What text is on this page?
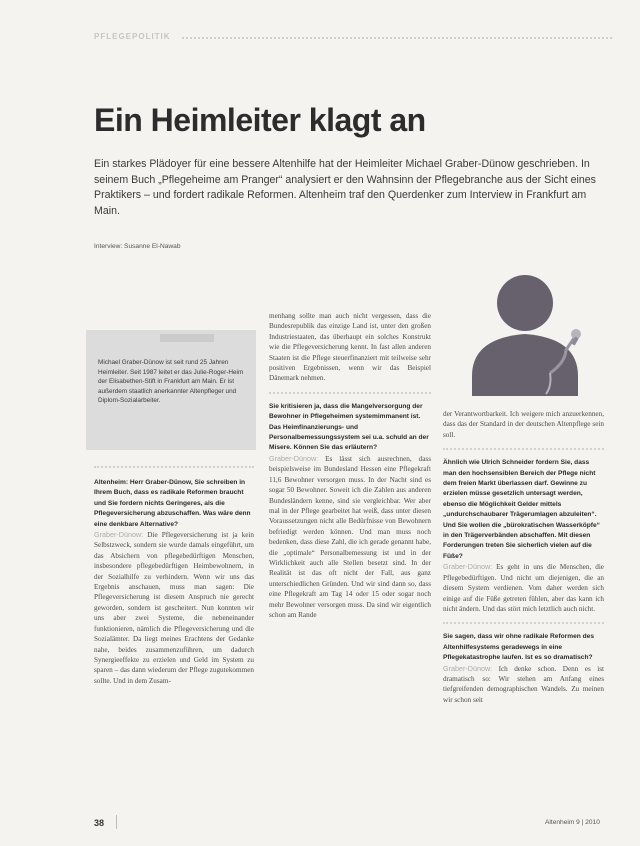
PFLEGEPOLITIK
Ein Heimleiter klagt an

Ein starkes Plädoyer für eine bessere Altenhilfe hat der Heimleiter Michael Graber-Dünow geschrieben. In seinem Buch „Pflegeheime am Pranger“ analysiert er den Wahnsinn der Pflegebranche aus der Sicht eines Praktikers – und fordert radikale Reformen. Altenheim traf den Querdenker zum Interview in Frankfurt am Main.

Interview: Susanne El-Nawab

Michael Graber-Dünow ist seit rund 25 Jahren Heimleiter. Seit 1987 leitet er das Julie-Roger-Heim der Elisabethen-Stift in Frankfurt am Main. Er ist außerdem staatlich anerkannter Altenpfleger und Diplom-Sozialarbeiter.

Altenheim: Herr Graber-Dünow, Sie schreiben in Ihrem Buch, dass es radikale Reformen braucht und Sie fordern nichts Geringeres, als die Pflegeversicherung abzuschaffen. Was wäre denn eine denkbare Alternative?

Graber-Dünow: Die Pflegeversicherung ist ja kein Selbstzweck, sondern sie wurde damals eingeführt, um das Absichern von pflegebedürftigen Menschen, insbesondere pflegebedürftigen Heimbewohnern, in der Sozialhilfe zu verhindern. Wenn wir uns das Ergebnis anschauen, muss man sagen: Die Pflegeversicherung ist diesem Anspruch nie gerecht geworden, sondern ist gescheitert. Nun konnten wir uns aber zwei Systeme, die nebeneinander funktionieren, nämlich die Pflegeversicherung und die Sozialämter. Da liegt meines Erachtens der Gedanke nahe, beides zusammenzuführen, um dadurch Synergieeffekte zu erzielen und Geld im System zu sparen – das dann wiederum der Pflege zugutekommen sollte. Und in dem Zusam-

menhang sollte man auch nicht vergessen, dass die Bundesrepublik das einzige Land ist, unter den großen Industriestaaten, das überhaupt ein solches Konstrukt wie die Pflegeversicherung kennt. In fast allen anderen Staaten ist die Pflege steuerfinanziert mit teilweise sehr positiven Ergebnissen, wenn wir das Beispiel Dänemark nehmen.

Sie kritisieren ja, dass die Mangelversorgung der Bewohner in Pflegeheimen systemimmanent ist. Das Heimfinanzierungs- und Personalbemessungssystem sei u.a. schuld an der Misere. Können Sie das erläutern?

Graber-Dünow: Es lässt sich ausrechnen, dass beispielsweise im Bundesland Hessen eine Pflegekraft 11,6 Bewohner versorgen muss. In der Nacht sind es sogar 50 Bewohner. Soweit ich die Zahlen aus anderen Bundesländern kenne, sind sie vergleichbar. Wer aber mal in der Pflege gearbeitet hat weiß, dass unter diesen Voraussetzungen nicht alle Bedürfnisse von Bewohnern befriedigt werden können. Und man muss noch bedenken, dass diese Zahl, die ich gerade genannt habe, die „optimale“ Personalbemessung ist und in der Wirklichkeit auch alle Stellen besetzt sind. In der Realität ist das oft nicht der Fall, aus ganz unterschiedlichen Gründen. Und wir sind dann so, dass eine Pflegekraft am Tag 14 oder 15 oder sogar noch mehr Bewohner versorgen muss. Da sind wir eigentlich schon am Rande

der Verantwortbarkeit. Ich weigere mich anzuerkennen, dass das der Standard in der deutschen Altenpflege sein soll.

Ähnlich wie Ulrich Schneider fordern Sie, dass man den hochsensiblen Bereich der Pflege nicht dem freien Markt überlassen darf. Gewinne zu erzielen müsse gesetzlich untersagt werden, ebenso die Möglichkeit Gelder mittels „undurchschaubarer Trägerumlagen abzuleiten“. Und Sie wollen die „bürokratischen Wasserköpfe“ in den Trägerverbänden abschaffen. Mit diesen Forderungen treten Sie sicherlich vielen auf die Füße?

Graber-Dünow: Es geht in uns die Menschen, die Pflegebedürftigen. Und nicht um diejenigen, die an diesem System verdienen. Vom daher werden sich einige auf die Füße getreten fühlen, aber das kann ich nicht ändern. Und das stört mich letztlich auch nicht.

Sie sagen, dass wir ohne radikale Reformen des Altenhilfesystems geradewegs in eine Pflegekatastrophe laufen. Ist es so dramatisch?

Graber-Dünow: Ich denke schon. Denn es ist dramatisch so: Wir stehen am Anfang eines tiefgreifenden demographischen Wandels. Zu meinen wir schon seit

38	Altenheim 9 | 2010
